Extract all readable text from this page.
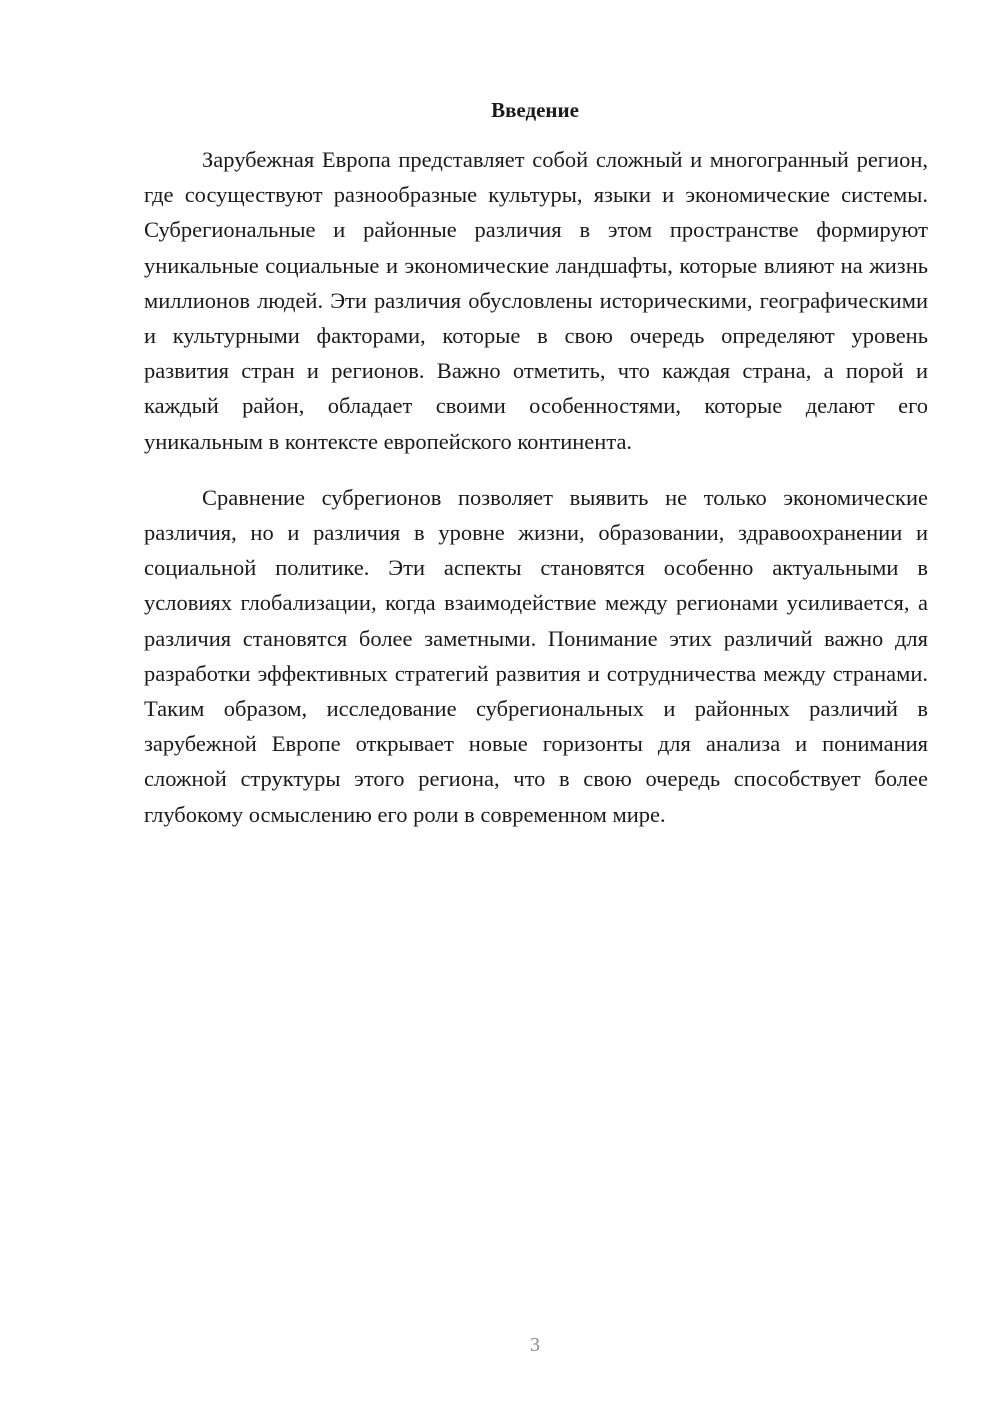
Введение

Зарубежная Европа представляет собой сложный и многогранный регион, где сосуществуют разнообразные культуры, языки и экономические системы. Субрегиональные и районные различия в этом пространстве формируют уникальные социальные и экономические ландшафты, которые влияют на жизнь миллионов людей. Эти различия обусловлены историческими, географическими и культурными факторами, которые в свою очередь определяют уровень развития стран и регионов. Важно отметить, что каждая страна, а порой и каждый район, обладает своими особенностями, которые делают его уникальным в контексте европейского континента.

Сравнение субрегионов позволяет выявить не только экономические различия, но и различия в уровне жизни, образовании, здравоохранении и социальной политике. Эти аспекты становятся особенно актуальными в условиях глобализации, когда взаимодействие между регионами усиливается, а различия становятся более заметными. Понимание этих различий важно для разработки эффективных стратегий развития и сотрудничества между странами. Таким образом, исследование субрегиональных и районных различий в зарубежной Европе открывает новые горизонты для анализа и понимания сложной структуры этого региона, что в свою очередь способствует более глубокому осмыслению его роли в современном мире.

3
